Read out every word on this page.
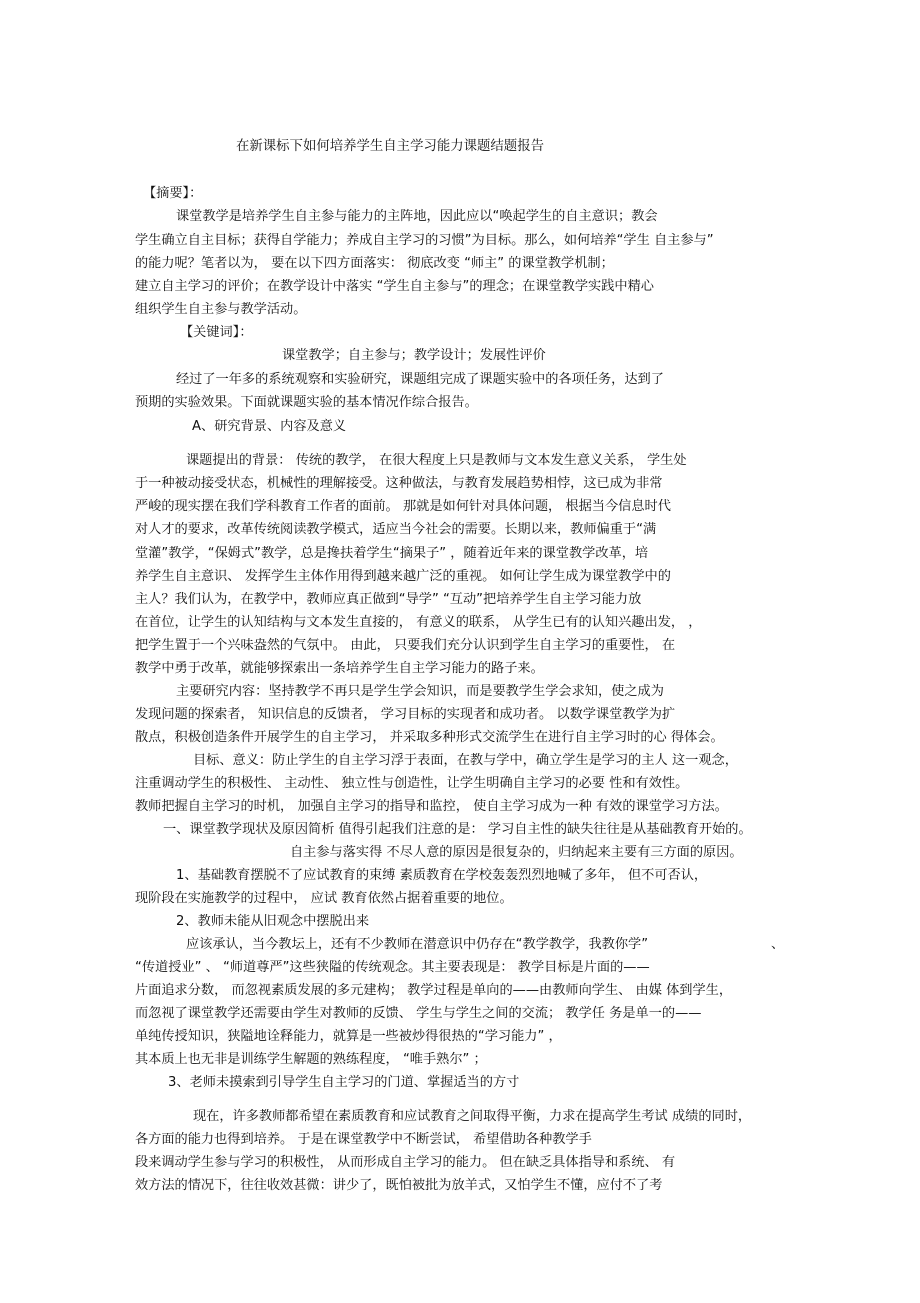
在新课标下如何培养学生自主学习能力课题结题报告
【摘要】：
课堂教学是培养学生自主参与能力的主阵地，因此应以“唤起学生的自主意识；教会
学生确立自主目标；获得自学能力；养成自主学习的习惯”为目标。那么，如何培养“学生 自主参与”
的能力呢？笔者以为， 要在以下四方面落实： 彻底改变 “师主” 的课堂教学机制；
建立自主学习的评价；在教学设计中落实 “学生自主参与”的理念；在课堂教学实践中精心
组织学生自主参与教学活动。
【关键词】：
课堂教学；自主参与；教学设计；发展性评价
经过了一年多的系统观察和实验研究，课题组完成了课题实验中的各项任务，达到了
预期的实验效果。下面就课题实验的基本情况作综合报告。
A、研究背景、内容及意义
课题提出的背景： 传统的教学， 在很大程度上只是教师与文本发生意义关系， 学生处
于一种被动接受状态，机械性的理解接受。这种做法，与教育发展趋势相悖，这已成为非常
严峻的现实摆在我们学科教育工作者的面前。 那就是如何针对具体问题， 根据当今信息时代
对人才的要求，改革传统阅读教学模式，适应当今社会的需要。长期以来，教师偏重于“满
堂灌”教学，“保姆式”教学，总是搀扶着学生“摘果子” ，随着近年来的课堂教学改革，培
养学生自主意识、 发挥学生主体作用得到越来越广泛的重视。 如何让学生成为课堂教学中的
主人？我们认为，在教学中，教师应真正做到“导学” “互动”把培养学生自主学习能力放
在首位，让学生的认知结构与文本发生直接的， 有意义的联系， 从学生已有的认知兴趣出发， ，
把学生置于一个兴味盎然的气氛中。 由此， 只要我们充分认识到学生自主学习的重要性， 在
教学中勇于改革，就能够探索出一条培养学生自主学习能力的路子来。
主要研究内容：坚持教学不再只是学生学会知识，而是要教学生学会求知，使之成为
发现问题的探索者， 知识信息的反馈者， 学习目标的实现者和成功者。 以数学课堂教学为扩
散点，积极创造条件开展学生的自主学习， 并采取多种形式交流学生在进行自主学习时的心 得体会。
目标、意义：防止学生的自主学习浮于表面，在教与学中，确立学生是学习的主人 这一观念，
注重调动学生的积极性、 主动性、 独立性与创造性，让学生明确自主学习的必要 性和有效性。
教师把握自主学习的时机， 加强自主学习的指导和监控， 使自主学习成为一种 有效的课堂学习方法。
一、课堂教学现状及原因简析 值得引起我们注意的是： 学习自主性的缺失往往是从基础教育开始的。
自主参与落实得 不尽人意的原因是很复杂的，归纳起来主要有三方面的原因。
1、基础教育摆脱不了应试教育的束缚 素质教育在学校轰轰烈烈地喊了多年， 但不可否认，
现阶段在实施教学的过程中， 应试 教育依然占据着重要的地位。
2、教师未能从旧观念中摆脱出来
应该承认，当今教坛上，还有不少教师在潜意识中仍存在“教学教学，我教你学”	、
“传道授业” 、 “师道尊严”这些狭隘的传统观念。其主要表现是： 教学目标是片面的——
片面追求分数， 而忽视素质发展的多元建构； 教学过程是单向的——由教师向学生、 由媒 体到学生，
而忽视了课堂教学还需要由学生对教师的反馈、 学生与学生之间的交流； 教学任 务是单一的——
单纯传授知识，狭隘地诠释能力，就算是一些被炒得很热的“学习能力” ，
其本质上也无非是训练学生解题的熟练程度， “唯手熟尔” ；
3、老师未摸索到引导学生自主学习的门道、掌握适当的方寸
现在，许多教师都希望在素质教育和应试教育之间取得平衡，力求在提高学生考试 成绩的同时，
各方面的能力也得到培养。 于是在课堂教学中不断尝试， 希望借助各种教学手
段来调动学生参与学习的积极性， 从而形成自主学习的能力。 但在缺乏具体指导和系统、 有
效方法的情况下，往往收效甚微：讲少了，既怕被批为放羊式，又怕学生不懂，应付不了考
